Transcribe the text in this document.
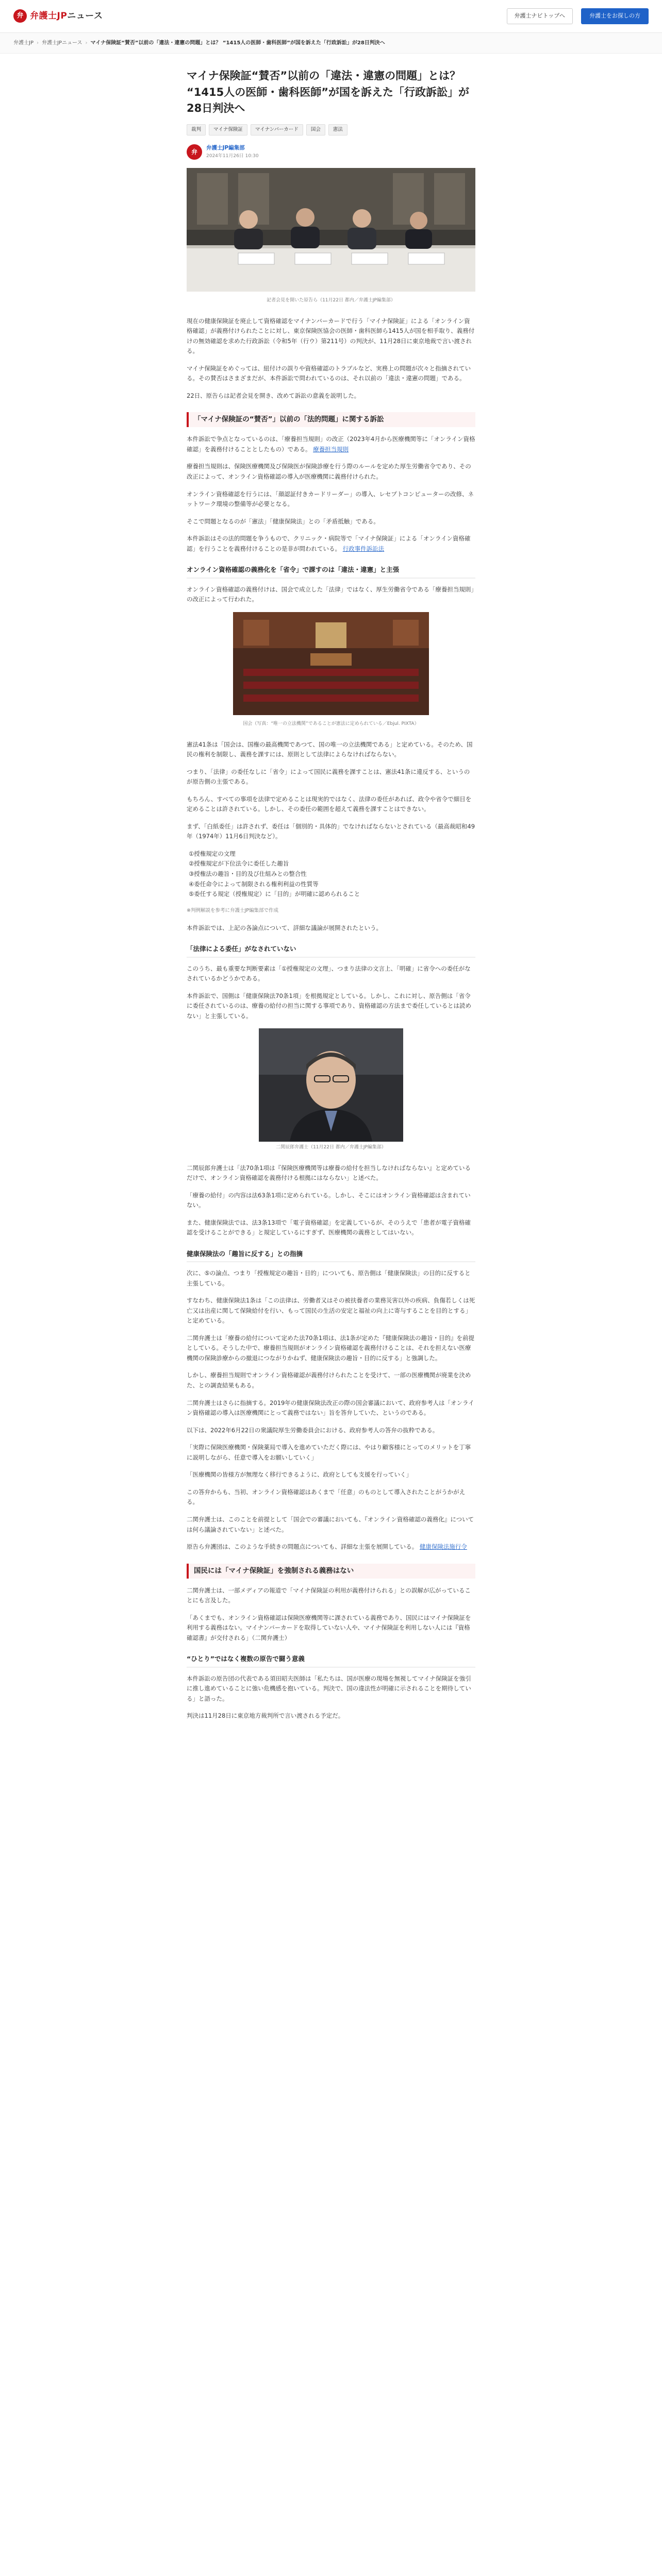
弁 弁護士JPニュース	弁護士ナビトップへ	弁護士をお探しの方
弁護士JP › 弁護士JPニュース › マイナ保険証“賛否”以前の「違法・違憲の問題」とは？ “1415人の医師・歯科医師”が国を訴えた「行政訴訟」が28日判決へ
マイナ保険証“賛否”以前の「違法・違憲の問題」とは？ “1415人の医師・歯科医師”が国を訴えた「行政訴訟」が28日判決へ
裁判	マイナ保険証	マイナンバーカード	国会	憲法
弁
弁護士JP編集部
2024年11月26日 10:30
記者会見を開いた原告ら（11月22日 都内／弁護士JP編集部）

現在の健康保険証を廃止して資格確認をマイナンバーカードで行う「マイナ保険証」による「オンライン資格確認」が義務付けられたことに対し、東京保険医協会の医師・歯科医師ら1415人が国を相手取り、義務付けの無効確認を求めた行政訴訟（令和5年（行ウ）第211号）の判決が、11月28日に東京地裁で言い渡される。

マイナ保険証をめぐっては、紐付けの誤りや資格確認のトラブルなど、実務上の問題が次々と指摘されている。その賛否はさまざまだが、本件訴訟で問われているのは、それ以前の「違法・違憲の問題」である。

22日、原告らは記者会見を開き、改めて訴訟の意義を説明した。

「マイナ保険証の“賛否”」以前の「法的問題」に関する訴訟

本件訴訟で争点となっているのは、「療養担当規則」の改正（2023年4月から医療機関等に「オンライン資格確認」を義務付けることとしたもの）である。 療養担当規則

療養担当規則は、保険医療機関及び保険医が保険診療を行う際のルールを定めた厚生労働省令であり、その改正によって、オンライン資格確認の導入が医療機関に義務付けられた。

オンライン資格確認を行うには、「顔認証付きカードリーダー」の導入、レセプトコンピューターの改修、ネットワーク環境の整備等が必要となる。

そこで問題となるのが「憲法」「健康保険法」との「矛盾抵触」である。

本件訴訟はその法的問題を争うもので、クリニック・病院等で「マイナ保険証」による「オンライン資格確認」を行うことを義務付けることの是非が問われている。 行政事件訴訟法

オンライン資格確認の義務化を「省令」で課すのは「違法・違憲」と主張

オンライン資格確認の義務付けは、国会で成立した「法律」ではなく、厚生労働省令である「療養担当規則」の改正によって行われた。

国会（写真：“唯一の立法機関”であることが憲法に定められている／Ebjul. PIXTA）

憲法41条は「国会は、国権の最高機関であつて、国の唯一の立法機関である」と定めている。そのため、国民の権利を制限し、義務を課すには、原則として法律によらなければならない。

つまり、「法律」の委任なしに「省令」によって国民に義務を課すことは、憲法41条に違反する、というのが原告側の主張である。

もちろん、すべての事項を法律で定めることは現実的ではなく、法律の委任があれば、政令や省令で細目を定めることは許されている。しかし、その委任の範囲を超えて義務を課すことはできない。

まず、「白紙委任」は許されず、委任は「個別的・具体的」でなければならないとされている（最高裁昭和49年（1974年）11月6日判決など）。

①授権規定の文理
②授権規定が下位法令に委任した趣旨
③授権法の趣旨・目的及び仕組みとの整合性
④委任命令によって制限される権利利益の性質等
⑤委任する規定（授権規定）に「目的」が明確に認められること
※判例解説を参考に弁護士JP編集部で作成

本件訴訟では、上記の各論点について、詳細な議論が展開されたという。

「法律による委任」がなされていない

このうち、最も重要な判断要素は「①授権規定の文理」、つまり法律の文言上、「明確」に省令への委任がなされているかどうかである。

本件訴訟で、国側は「健康保険法70条1項」を根拠規定としている。しかし、これに対し、原告側は「省令に委任されているのは、療養の給付の担当に関する事項であり、資格確認の方法まで委任しているとは読めない」と主張している。

二関辰郎弁護士（11月22日 都内／弁護士JP編集部）

二関辰郎弁護士は「法70条1項は『保険医療機関等は療養の給付を担当しなければならない』と定めているだけで、オンライン資格確認を義務付ける根拠にはならない」と述べた。

「療養の給付」の内容は法63条1項に定められている。しかし、そこにはオンライン資格確認は含まれていない。

また、健康保険法では、法3条13項で「電子資格確認」を定義しているが、そのうえで「患者が電子資格確認を受けることができる」と規定しているにすぎず、医療機関の義務としてはいない。

健康保険法の「趣旨に反する」との指摘

次に、⑤の論点、つまり「授権規定の趣旨・目的」についても、原告側は「健康保険法」の目的に反すると主張している。

すなわち、健康保険法1条は「この法律は、労働者又はその被扶養者の業務災害以外の疾病、負傷若しくは死亡又は出産に関して保険給付を行い、もって国民の生活の安定と福祉の向上に寄与することを目的とする」と定めている。

二関弁護士は「療養の給付について定めた法70条1項は、法1条が定めた『健康保険法の趣旨・目的』を前提としている。そうした中で、療養担当規則がオンライン資格確認を義務付けることは、それを担えない医療機関の保険診療からの撤退につながりかねず、健康保険法の趣旨・目的に反する」と強調した。

しかし、療養担当規則でオンライン資格確認が義務付けられたことを受けて、一部の医療機関が廃業を決めた、との調査結果もある。

二関弁護士はさらに指摘する。2019年の健康保険法改正の際の国会審議において、政府参考人は「オンライン資格確認の導入は医療機関にとって義務ではない」旨を答弁していた、というのである。

以下は、2022年6月22日の衆議院厚生労働委員会における、政府参考人の答弁の抜粋である。

「実際に保険医療機関・保険薬局で導入を進めていただく際には、やはり顧客様にとってのメリットを丁寧に説明しながら、任意で導入をお願いしていく」

「医療機関の皆様方が無理なく移行できるように、政府としても支援を行っていく」

この答弁からも、当初、オンライン資格確認はあくまで「任意」のものとして導入されたことがうかがえる。

二関弁護士は、このことを前提として「国会での審議においても、『オンライン資格確認の義務化』については何ら議論されていない」と述べた。

原告ら弁護団は、このような手続きの問題点についても、詳細な主張を展開している。 健康保険法施行令

国民には「マイナ保険証」を強制される義務はない

二関弁護士は、一部メディアの報道で「マイナ保険証の利用が義務付けられる」との誤解が広がっていることにも言及した。

「あくまでも、オンライン資格確認は保険医療機関等に課されている義務であり、国民にはマイナ保険証を利用する義務はない。マイナンバーカードを取得していない人や、マイナ保険証を利用しない人には『資格確認書』が交付される」（二関弁護士）

“ひとり”ではなく複数の原告で闘う意義

本件訴訟の原告団の代表である須田昭夫医師は「私たちは、国が医療の現場を無視してマイナ保険証を強引に推し進めていることに強い危機感を抱いている。判決で、国の違法性が明確に示されることを期待している」と語った。

判決は11月28日に東京地方裁判所で言い渡される予定だ。
